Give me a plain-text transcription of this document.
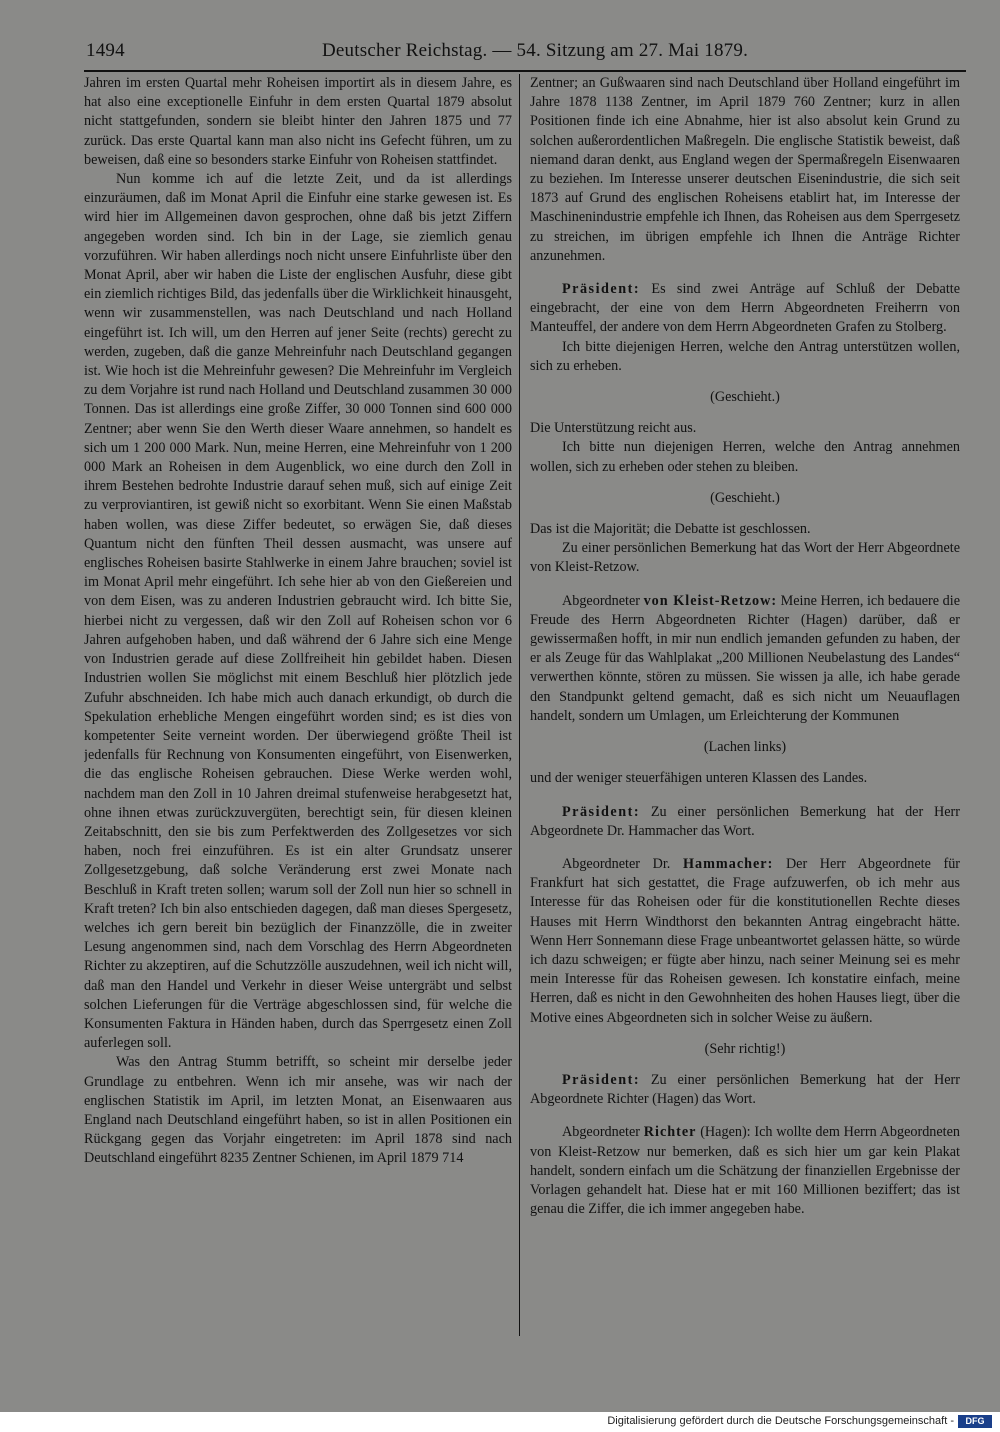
1494	Deutscher Reichstag. — 54. Sitzung am 27. Mai 1879.

Jahren im ersten Quartal mehr Roheisen importirt als in diesem Jahre, es hat also eine exceptionelle Einfuhr in dem ersten Quartal 1879 absolut nicht stattgefunden, sondern sie bleibt hinter den Jahren 1875 und 77 zurück. Das erste Quartal kann man also nicht ins Gefecht führen, um zu beweisen, daß eine so besonders starke Einfuhr von Roheisen stattfindet.

Nun komme ich auf die letzte Zeit, und da ist allerdings einzuräumen, daß im Monat April die Einfuhr eine starke gewesen ist. Es wird hier im Allgemeinen davon gesprochen, ohne daß bis jetzt Ziffern angegeben worden sind. Ich bin in der Lage, sie ziemlich genau vorzuführen. Wir haben allerdings noch nicht unsere Einfuhrliste über den Monat April, aber wir haben die Liste der englischen Ausfuhr, diese gibt ein ziemlich richtiges Bild, das jedenfalls über die Wirklichkeit hinausgeht, wenn wir zusammenstellen, was nach Deutschland und nach Holland eingeführt ist. Ich will, um den Herren auf jener Seite (rechts) gerecht zu werden, zugeben, daß die ganze Mehreinfuhr nach Deutschland gegangen ist. Wie hoch ist die Mehreinfuhr gewesen? Die Mehreinfuhr im Vergleich zu dem Vorjahre ist rund nach Holland und Deutschland zusammen 30 000 Tonnen. Das ist allerdings eine große Ziffer, 30 000 Tonnen sind 600 000 Zentner; aber wenn Sie den Werth dieser Waare annehmen, so handelt es sich um 1 200 000 Mark. Nun, meine Herren, eine Mehreinfuhr von 1 200 000 Mark an Roheisen in dem Augenblick, wo eine durch den Zoll in ihrem Bestehen bedrohte Industrie darauf sehen muß, sich auf einige Zeit zu verproviantiren, ist gewiß nicht so exorbitant. Wenn Sie einen Maßstab haben wollen, was diese Ziffer bedeutet, so erwägen Sie, daß dieses Quantum nicht den fünften Theil dessen ausmacht, was unsere auf englisches Roheisen basirte Stahlwerke in einem Jahre brauchen; soviel ist im Monat April mehr eingeführt. Ich sehe hier ab von den Gießereien und von dem Eisen, was zu anderen Industrien gebraucht wird. Ich bitte Sie, hierbei nicht zu vergessen, daß wir den Zoll auf Roheisen schon vor 6 Jahren aufgehoben haben, und daß während der 6 Jahre sich eine Menge von Industrien gerade auf diese Zollfreiheit hin gebildet haben. Diesen Industrien wollen Sie möglichst mit einem Beschluß hier plötzlich jede Zufuhr abschneiden. Ich habe mich auch danach erkundigt, ob durch die Spekulation erhebliche Mengen eingeführt worden sind; es ist dies von kompetenter Seite verneint worden. Der überwiegend größte Theil ist jedenfalls für Rechnung von Konsumenten eingeführt, von Eisenwerken, die das englische Roheisen gebrauchen. Diese Werke werden wohl, nachdem man den Zoll in 10 Jahren dreimal stufenweise herabgesetzt hat, ohne ihnen etwas zurückzuvergüten, berechtigt sein, für diesen kleinen Zeitabschnitt, den sie bis zum Perfektwerden des Zollgesetzes vor sich haben, noch frei einzuführen. Es ist ein alter Grundsatz unserer Zollgesetzgebung, daß solche Veränderung erst zwei Monate nach Beschluß in Kraft treten sollen; warum soll der Zoll nun hier so schnell in Kraft treten? Ich bin also entschieden dagegen, daß man dieses Spergesetz, welches ich gern bereit bin bezüglich der Finanzzölle, die in zweiter Lesung angenommen sind, nach dem Vorschlag des Herrn Abgeordneten Richter zu akzeptiren, auf die Schutzzölle auszudehnen, weil ich nicht will, daß man den Handel und Verkehr in dieser Weise untergräbt und selbst solchen Lieferungen für die Verträge abgeschlossen sind, für welche die Konsumenten Faktura in Händen haben, durch das Sperrgesetz einen Zoll auferlegen soll.

Was den Antrag Stumm betrifft, so scheint mir derselbe jeder Grundlage zu entbehren. Wenn ich mir ansehe, was wir nach der englischen Statistik im April, im letzten Monat, an Eisenwaaren aus England nach Deutschland eingeführt haben, so ist in allen Positionen ein Rückgang gegen das Vorjahr eingetreten: im April 1878 sind nach Deutschland eingeführt 8235 Zentner Schienen, im April 1879 714

Zentner; an Gußwaaren sind nach Deutschland über Holland eingeführt im Jahre 1878 1138 Zentner, im April 1879 760 Zentner; kurz in allen Positionen finde ich eine Abnahme, hier ist also absolut kein Grund zu solchen außerordentlichen Maßregeln. Die englische Statistik beweist, daß niemand daran denkt, aus England wegen der Spermaßregeln Eisenwaaren zu beziehen. Im Interesse unserer deutschen Eisenindustrie, die sich seit 1873 auf Grund des englischen Roheisens etablirt hat, im Interesse der Maschinenindustrie empfehle ich Ihnen, das Roheisen aus dem Sperrgesetz zu streichen, im übrigen empfehle ich Ihnen die Anträge Richter anzunehmen.

Präsident: Es sind zwei Anträge auf Schluß der Debatte eingebracht, der eine von dem Herrn Abgeordneten Freiherrn von Manteuffel, der andere von dem Herrn Abgeordneten Grafen zu Stolberg.

Ich bitte diejenigen Herren, welche den Antrag unterstützen wollen, sich zu erheben.

(Geschieht.)

Die Unterstützung reicht aus.

Ich bitte nun diejenigen Herren, welche den Antrag annehmen wollen, sich zu erheben oder stehen zu bleiben.

(Geschieht.)

Das ist die Majorität; die Debatte ist geschlossen.

Zu einer persönlichen Bemerkung hat das Wort der Herr Abgeordnete von Kleist-Retzow.

Abgeordneter von Kleist-Retzow: Meine Herren, ich bedauere die Freude des Herrn Abgeordneten Richter (Hagen) darüber, daß er gewissermaßen hofft, in mir nun endlich jemanden gefunden zu haben, der er als Zeuge für das Wahlplakat „200 Millionen Neubelastung des Landes“ verwerthen könnte, stören zu müssen. Sie wissen ja alle, ich habe gerade den Standpunkt geltend gemacht, daß es sich nicht um Neuauflagen handelt, sondern um Umlagen, um Erleichterung der Kommunen

(Lachen links)

und der weniger steuerfähigen unteren Klassen des Landes.

Präsident: Zu einer persönlichen Bemerkung hat der Herr Abgeordnete Dr. Hammacher das Wort.

Abgeordneter Dr. Hammacher: Der Herr Abgeordnete für Frankfurt hat sich gestattet, die Frage aufzuwerfen, ob ich mehr aus Interesse für das Roheisen oder für die konstitutionellen Rechte dieses Hauses mit Herrn Windthorst den bekannten Antrag eingebracht hätte. Wenn Herr Sonnemann diese Frage unbeantwortet gelassen hätte, so würde ich dazu schweigen; er fügte aber hinzu, nach seiner Meinung sei es mehr mein Interesse für das Roheisen gewesen. Ich konstatire einfach, meine Herren, daß es nicht in den Gewohnheiten des hohen Hauses liegt, über die Motive eines Abgeordneten sich in solcher Weise zu äußern.

(Sehr richtig!)

Präsident: Zu einer persönlichen Bemerkung hat der Herr Abgeordnete Richter (Hagen) das Wort.

Abgeordneter Richter (Hagen): Ich wollte dem Herrn Abgeordneten von Kleist-Retzow nur bemerken, daß es sich hier um gar kein Plakat handelt, sondern einfach um die Schätzung der finanziellen Ergebnisse der Vorlagen gehandelt hat. Diese hat er mit 160 Millionen beziffert; das ist genau die Ziffer, die ich immer angegeben habe.

Digitalisierung gefördert durch die Deutsche Forschungsgemeinschaft -	DFG
